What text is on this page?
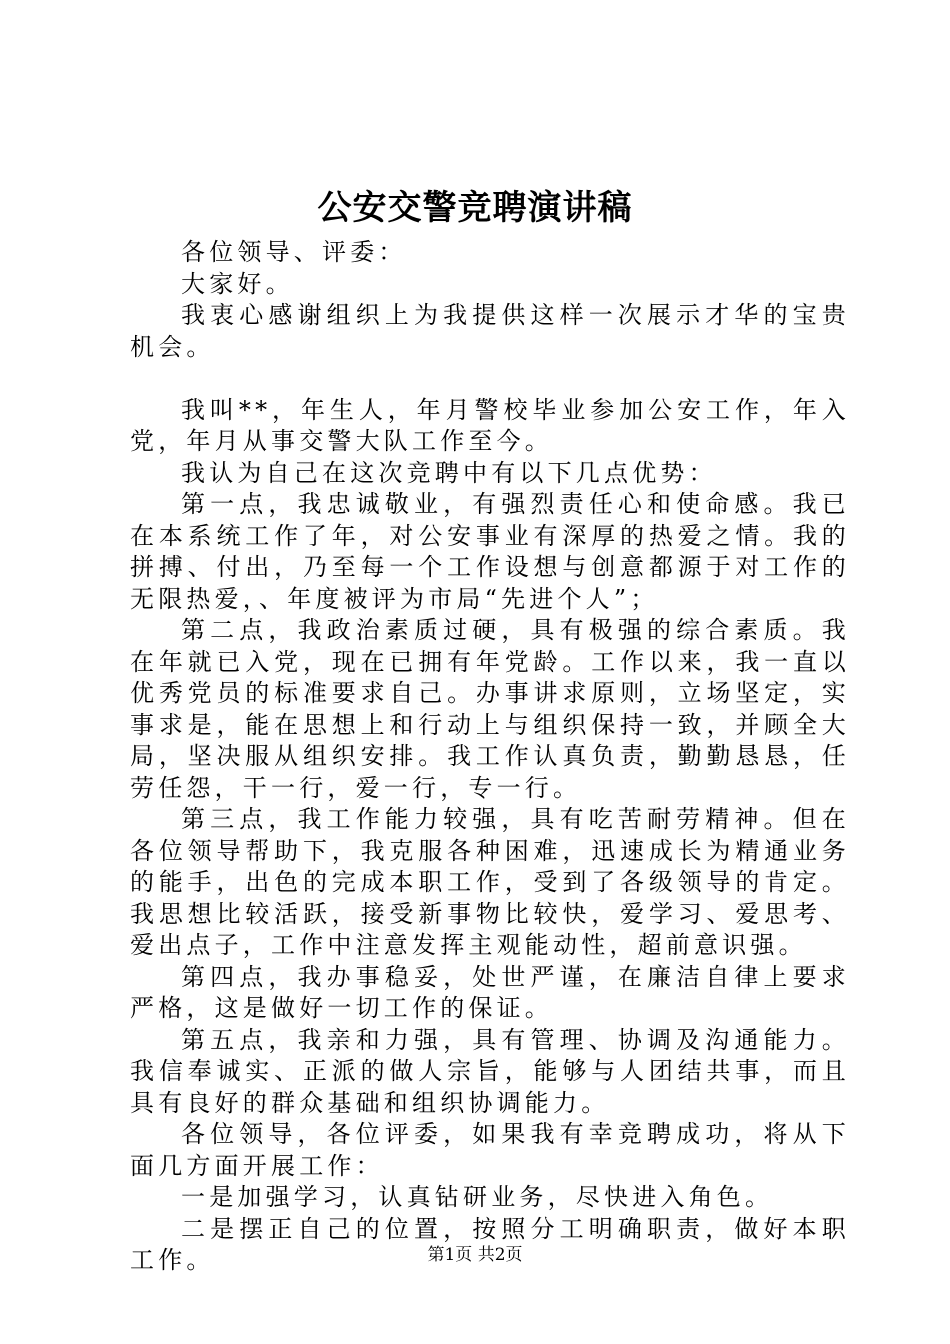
公安交警竞聘演讲稿

各位领导、评委：

大家好。

我衷心感谢组织上为我提供这样一次展示才华的宝贵机会。

我叫**，年生人，年月警校毕业参加公安工作，年入党，年月从事交警大队工作至今。

我认为自己在这次竞聘中有以下几点优势：

第一点，我忠诚敬业，有强烈责任心和使命感。我已在本系统工作了年，对公安事业有深厚的热爱之情。我的拼搏、付出，乃至每一个工作设想与创意都源于对工作的无限热爱，、年度被评为市局“先进个人”；

第二点，我政治素质过硬，具有极强的综合素质。我在年就已入党，现在已拥有年党龄。工作以来，我一直以优秀党员的标准要求自己。办事讲求原则，立场坚定，实事求是，能在思想上和行动上与组织保持一致，并顾全大局，坚决服从组织安排。我工作认真负责，勤勤恳恳，任劳任怨，干一行，爱一行，专一行。

第三点，我工作能力较强，具有吃苦耐劳精神。但在各位领导帮助下，我克服各种困难，迅速成长为精通业务的能手，出色的完成本职工作，受到了各级领导的肯定。我思想比较活跃，接受新事物比较快，爱学习、爱思考、爱出点子，工作中注意发挥主观能动性，超前意识强。

第四点，我办事稳妥，处世严谨，在廉洁自律上要求严格，这是做好一切工作的保证。

第五点，我亲和力强，具有管理、协调及沟通能力。我信奉诚实、正派的做人宗旨，能够与人团结共事，而且具有良好的群众基础和组织协调能力。

各位领导，各位评委，如果我有幸竞聘成功，将从下面几方面开展工作：

一是加强学习，认真钻研业务，尽快进入角色。

二是摆正自己的位置，按照分工明确职责，做好本职工作。	第1页 共2页
